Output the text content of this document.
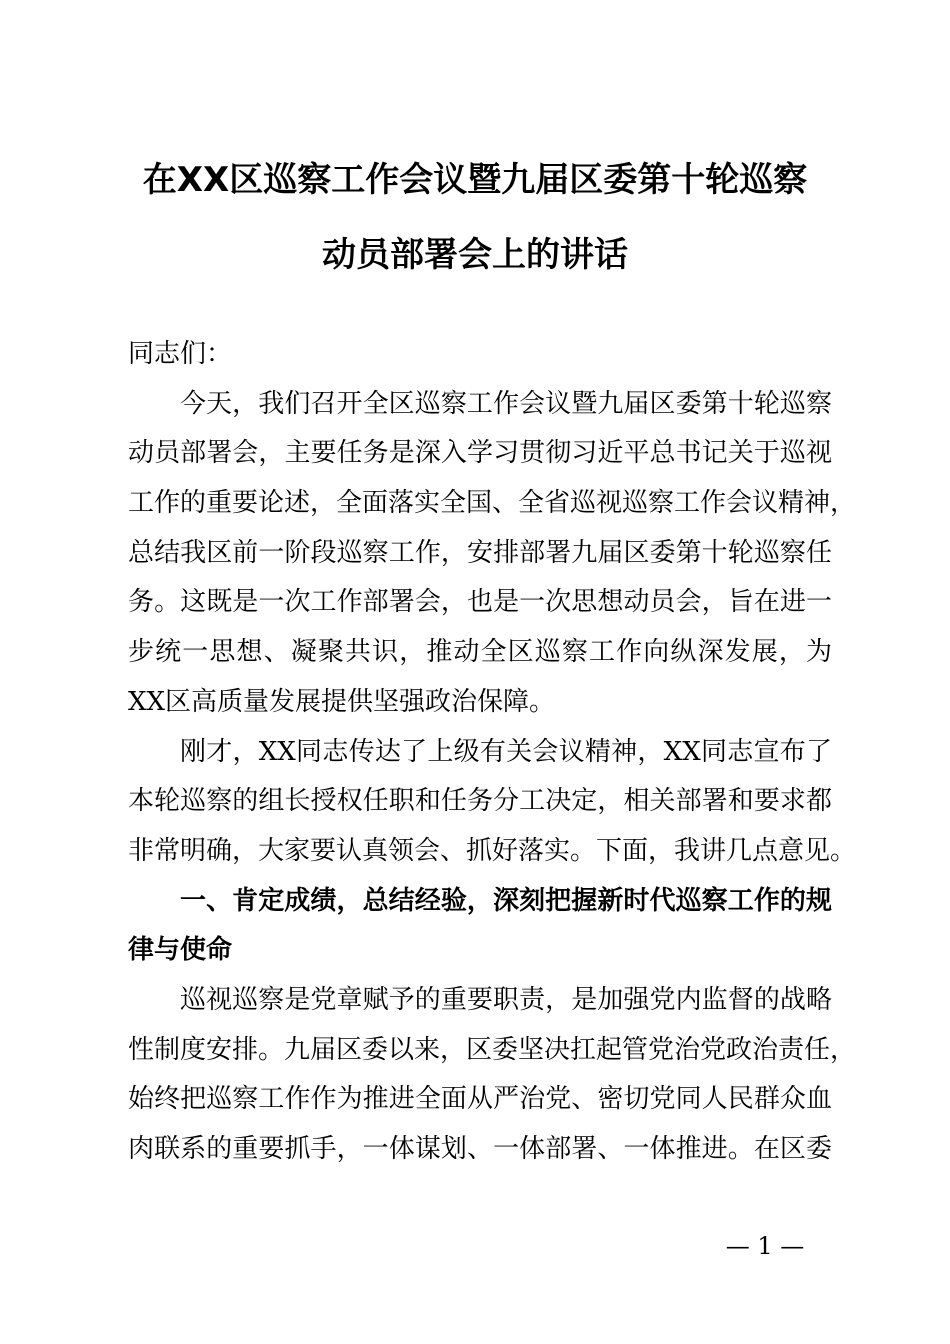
在XX区巡察工作会议暨九届区委第十轮巡察
动员部署会上的讲话
同志们：
今天，我们召开全区巡察工作会议暨九届区委第十轮巡察
动员部署会，主要任务是深入学习贯彻习近平总书记关于巡视
工作的重要论述，全面落实全国、全省巡视巡察工作会议精神，
总结我区前一阶段巡察工作，安排部署九届区委第十轮巡察任
务。这既是一次工作部署会，也是一次思想动员会，旨在进一
步统一思想、凝聚共识，推动全区巡察工作向纵深发展，为
XX区高质量发展提供坚强政治保障。
刚才，XX同志传达了上级有关会议精神，XX同志宣布了
本轮巡察的组长授权任职和任务分工决定，相关部署和要求都
非常明确，大家要认真领会、抓好落实。下面，我讲几点意见。
一、肯定成绩，总结经验，深刻把握新时代巡察工作的规
律与使命
巡视巡察是党章赋予的重要职责，是加强党内监督的战略
性制度安排。九届区委以来，区委坚决扛起管党治党政治责任，
始终把巡察工作作为推进全面从严治党、密切党同人民群众血
肉联系的重要抓手，一体谋划、一体部署、一体推进。在区委
— 1 —
